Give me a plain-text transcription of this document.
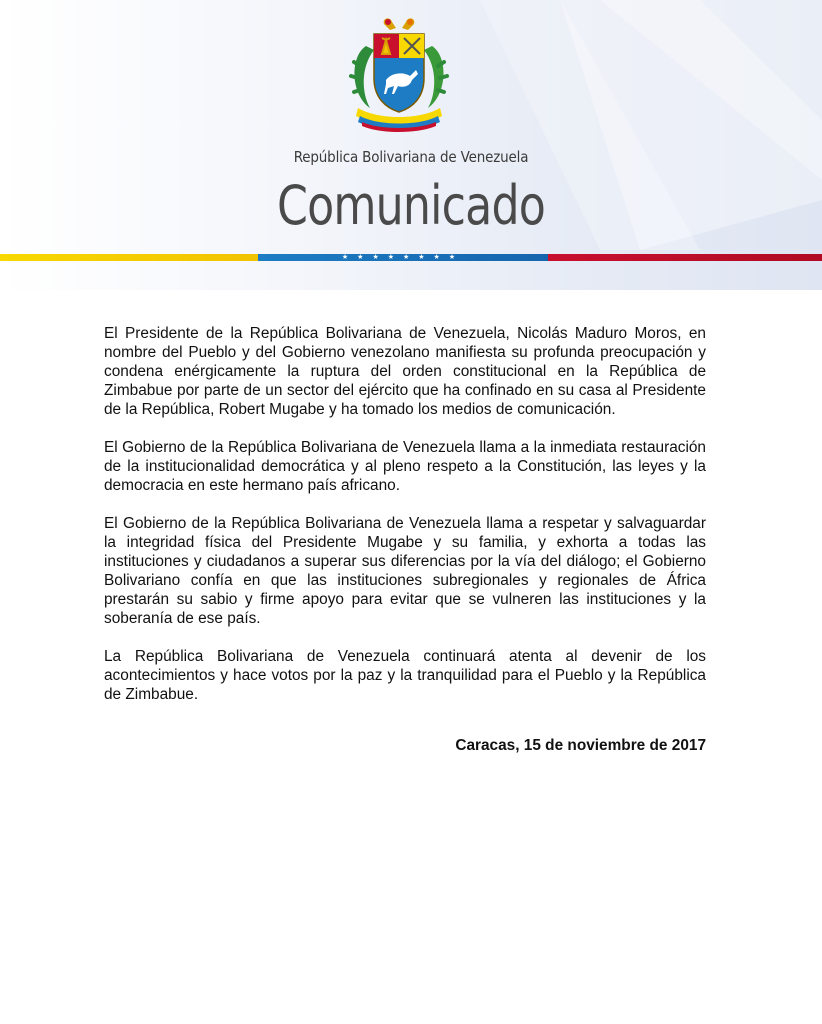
República Bolivariana de Venezuela
Comunicado
★★★★★★★★

El Presidente de la República Bolivariana de Venezuela, Nicolás Maduro Moros, en nombre del Pueblo y del Gobierno venezolano manifiesta su profunda preocupación y condena enérgicamente la ruptura del orden constitucional en la República de Zimbabue por parte de un sector del ejército que ha confinado en su casa al Presidente de la República, Robert Mugabe y ha tomado los medios de comunicación.

El Gobierno de la República Bolivariana de Venezuela llama a la inmediata restauración de la institucionalidad democrática y al pleno respeto a la Constitución, las leyes y la democracia en este hermano país africano.

El Gobierno de la República Bolivariana de Venezuela llama a respetar y salvaguardar la integridad física del Presidente Mugabe y su familia, y exhorta a todas las instituciones y ciudadanos a superar sus diferencias por la vía del diálogo; el Gobierno Bolivariano confía en que las instituciones subregionales y regionales de África prestarán su sabio y firme apoyo para evitar que se vulneren las instituciones y la soberanía de ese país.

La República Bolivariana de Venezuela continuará atenta al devenir de los acontecimientos y hace votos por la paz y la tranquilidad para el Pueblo y la República de Zimbabue.

Caracas, 15 de noviembre de 2017
